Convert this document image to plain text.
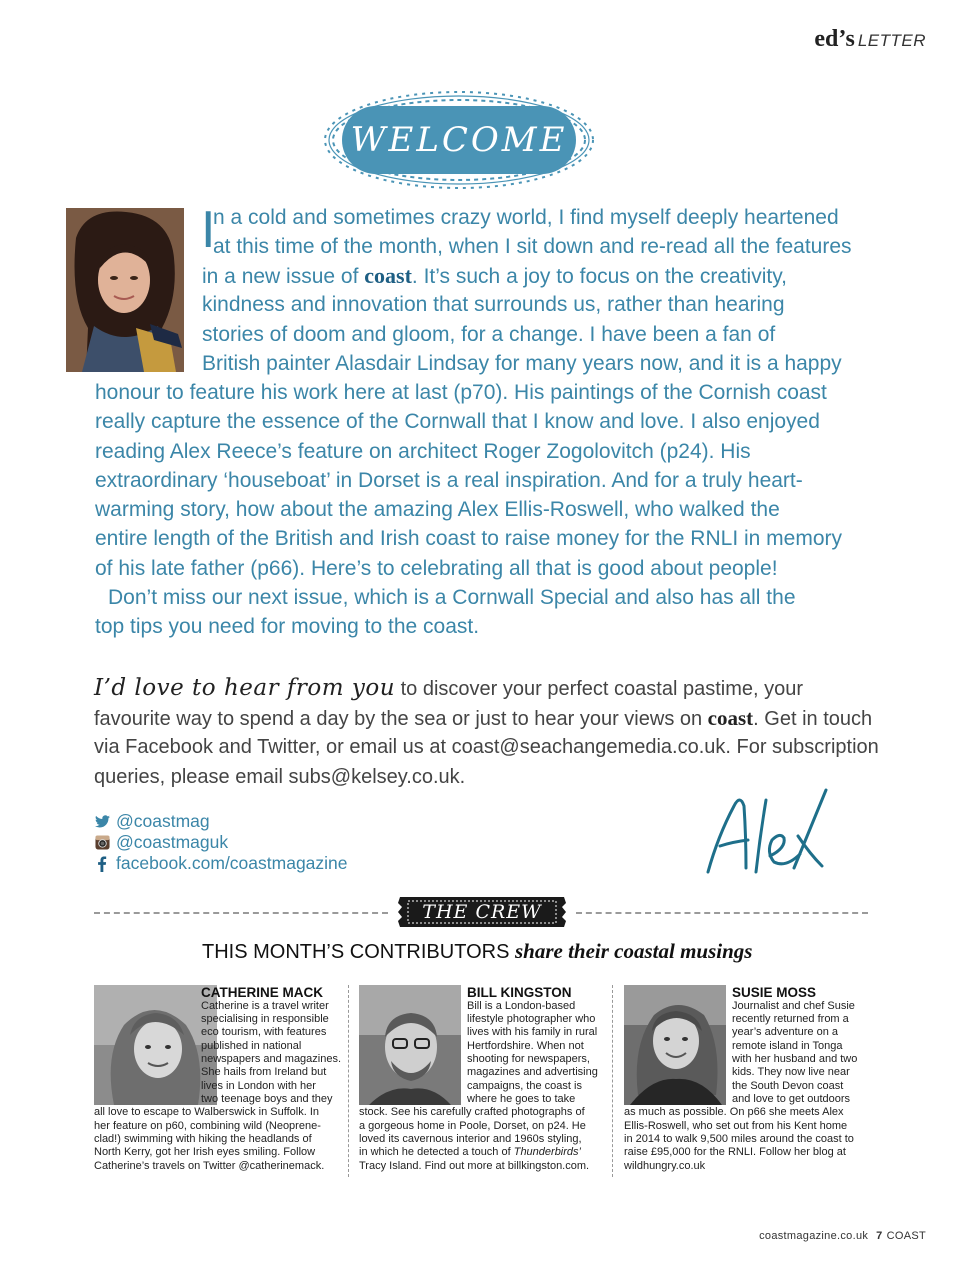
ed’s LETTER
WELCOME
I
n a cold and sometimes crazy world, I find myself deeply heartened
at this time of the month, when I sit down and re-read all the features
in a new issue of coast. It’s such a joy to focus on the creativity,
kindness and innovation that surrounds us, rather than hearing
stories of doom and gloom, for a change. I have been a fan of
British painter Alasdair Lindsay for many years now, and it is a happy
honour to feature his work here at last (p70). His paintings of the Cornish coast
really capture the essence of the Cornwall that I know and love. I also enjoyed
reading Alex Reece’s feature on architect Roger Zogolovitch (p24). His
extraordinary ‘houseboat’ in Dorset is a real inspiration. And for a truly heart-
warming story, how about the amazing Alex Ellis-Roswell, who walked the
entire length of the British and Irish coast to raise money for the RNLI in memory
of his late father (p66). Here’s to celebrating all that is good about people!
Don’t miss our next issue, which is a Cornwall Special and also has all the
top tips you need for moving to the coast.
I’d love to hear from you to discover your perfect coastal pastime, your
favourite way to spend a day by the sea or just to hear your views on coast. Get in touch
via Facebook and Twitter, or email us at coast@seachangemedia.co.uk. For subscription
queries, please email subs@kelsey.co.uk.
@coastmag
@coastmaguk
facebook.com/coastmagazine
THE CREW
THIS MONTH’S CONTRIBUTORS share their coastal musings
CATHERINE MACK
Catherine is a travel writer
specialising in responsible
eco tourism, with features
published in national
newspapers and magazines.
She hails from Ireland but
lives in London with her
two teenage boys and they
all love to escape to Walberswick in Suffolk. In
her feature on p60, combining wild (Neoprene-
clad!) swimming with hiking the headlands of
North Kerry, got her Irish eyes smiling. Follow
Catherine’s travels on Twitter @catherinemack.
BILL KINGSTON
Bill is a London-based
lifestyle photographer who
lives with his family in rural
Hertfordshire. When not
shooting for newspapers,
magazines and advertising
campaigns, the coast is
where he goes to take
stock. See his carefully crafted photographs of
a gorgeous home in Poole, Dorset, on p24. He
loved its cavernous interior and 1960s styling,
in which he detected a touch of Thunderbirds’
Tracy Island. Find out more at billkingston.com.
SUSIE MOSS
Journalist and chef Susie
recently returned from a
year’s adventure on a
remote island in Tonga
with her husband and two
kids. They now live near
the South Devon coast
and love to get outdoors
as much as possible. On p66 she meets Alex
Ellis-Roswell, who set out from his Kent home
in 2014 to walk 9,500 miles around the coast to
raise £95,000 for the RNLI. Follow her blog at
wildhungry.co.uk
coastmagazine.co.uk 7 COAST
